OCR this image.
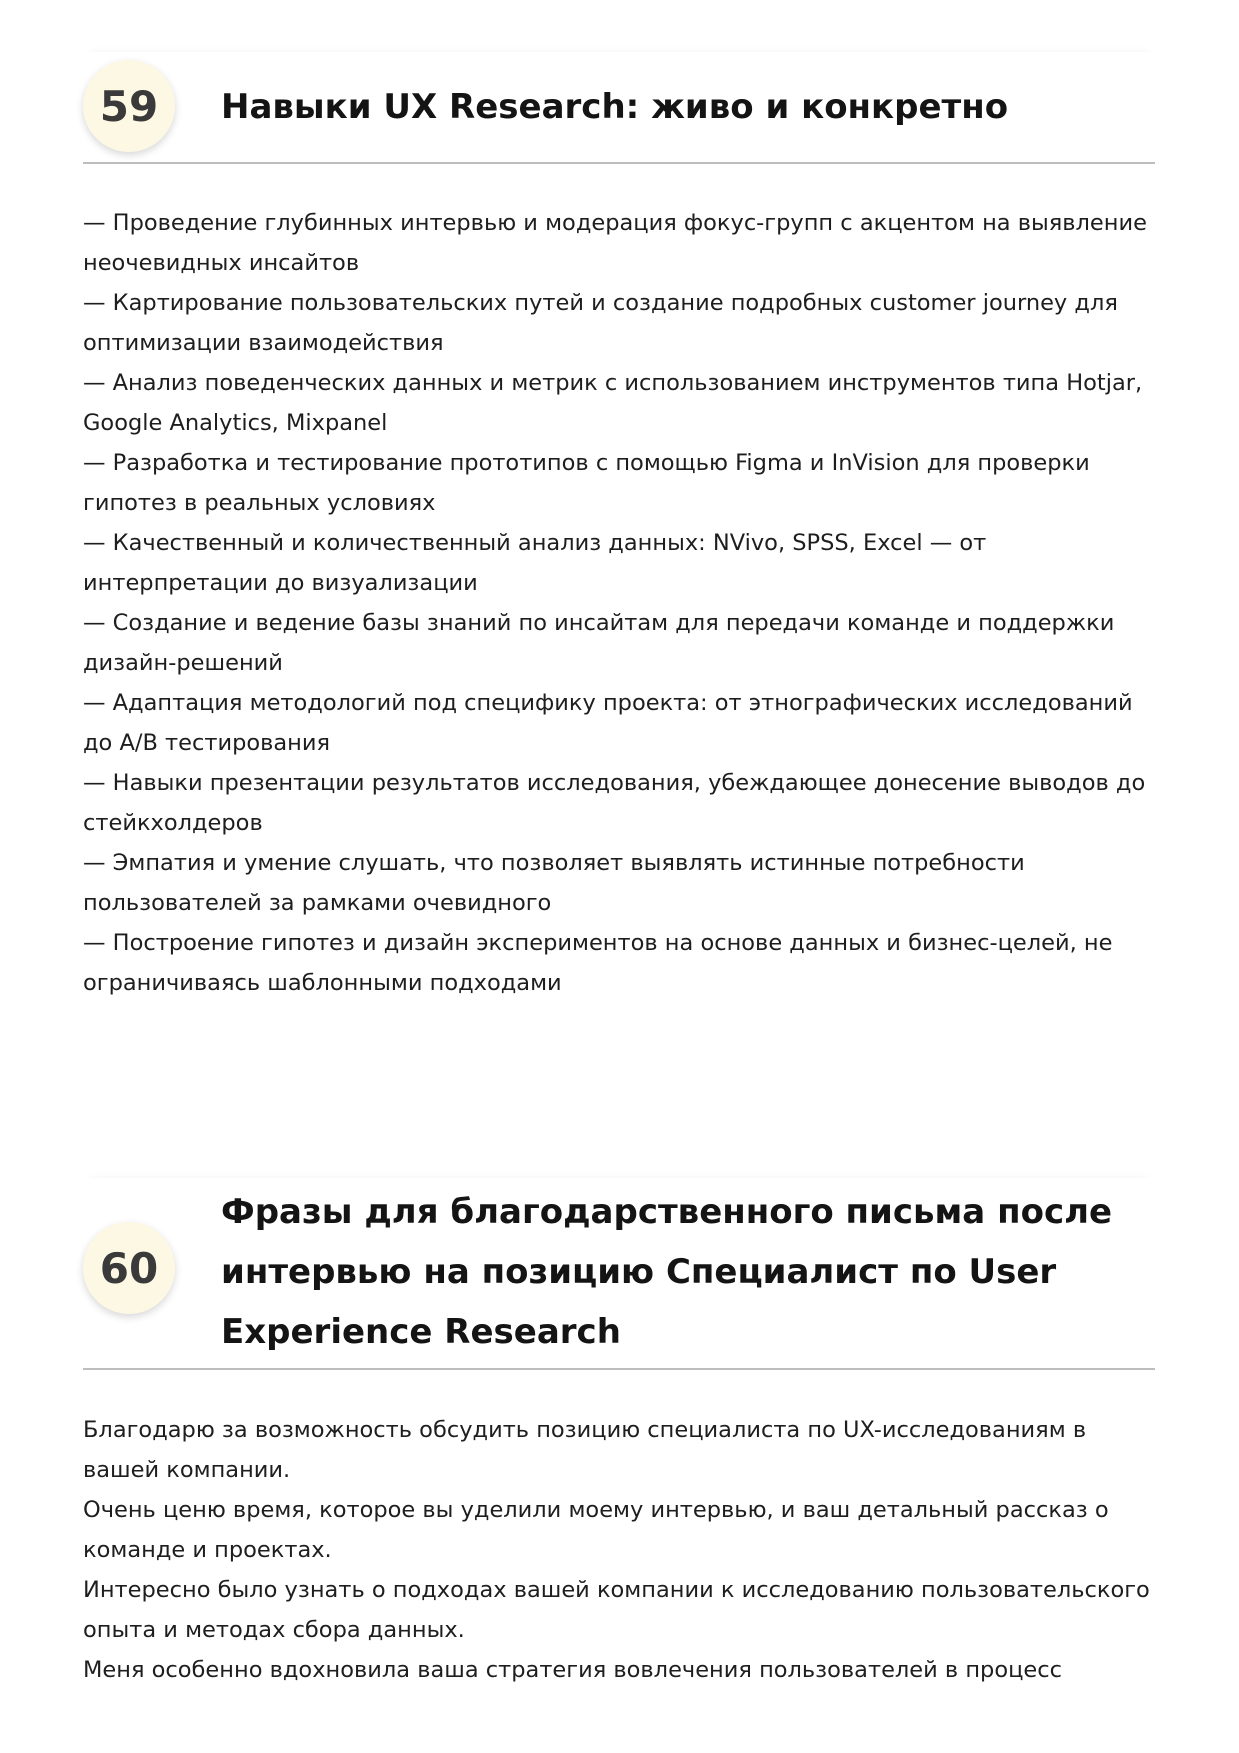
59	Навыки UX Research: живо и конкретно

— Проведение глубинных интервью и модерация фокус-групп с акцентом на выявление неочевидных инсайтов

— Картирование пользовательских путей и создание подробных customer journey для оптимизации взаимодействия

— Анализ поведенческих данных и метрик с использованием инструментов типа Hotjar, Google Analytics, Mixpanel

— Разработка и тестирование прототипов с помощью Figma и InVision для проверки гипотез в реальных условиях

— Качественный и количественный анализ данных: NVivo, SPSS, Excel — от интерпретации до визуализации

— Создание и ведение базы знаний по инсайтам для передачи команде и поддержки дизайн-решений

— Адаптация методологий под специфику проекта: от этнографических исследований до A/B тестирования

— Навыки презентации результатов исследования, убеждающее донесение выводов до стейкхолдеров

— Эмпатия и умение слушать, что позволяет выявлять истинные потребности пользователей за рамками очевидного

— Построение гипотез и дизайн экспериментов на основе данных и бизнес-целей, не ограничиваясь шаблонными подходами

60
Фразы для благодарственного письма после интервью на позицию Специалист по User Experience Research

Благодарю за возможность обсудить позицию специалиста по UX-исследованиям в вашей компании.

Очень ценю время, которое вы уделили моему интервью, и ваш детальный рассказ о команде и проектах.

Интересно было узнать о подходах вашей компании к исследованию пользовательского опыта и методах сбора данных.

Меня особенно вдохновила ваша стратегия вовлечения пользователей в процесс
